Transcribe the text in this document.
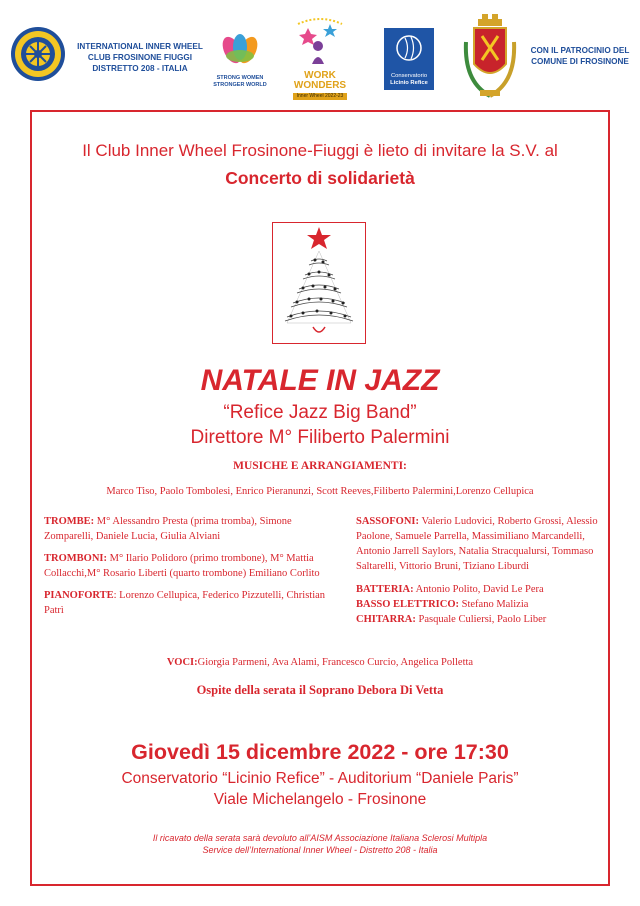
INTERNATIONAL INNER WHEEL
CLUB FROSINONE FIUGGI
DISTRETTO 208 - ITALIA
STRONG WOMEN
STRONGER WORLD
WORK
WONDERS
Inner Wheel 2022-23
Conservatorio
Licinio Refice
CON IL PATROCINIO DEL
COMUNE DI FROSINONE
Il Club Inner Wheel Frosinone-Fiuggi è lieto di invitare la S.V. al
Concerto di solidarietà
NATALE IN JAZZ
“Refice Jazz Big Band”
Direttore M° Filiberto Palermini
MUSICHE E ARRANGIAMENTI:
Marco Tiso, Paolo Tombolesi, Enrico Pieranunzi, Scott Reeves,Filiberto Palermini,Lorenzo Cellupica

TROMBE: M° Alessandro Presta (prima tromba), Simone Zomparelli, Daniele Lucia, Giulia Alviani

TROMBONI: M° Ilario Polidoro (primo trombone), M° Mattia Collacchi,M° Rosario Liberti (quarto trombone) Emiliano Corlito

PIANOFORTE: Lorenzo Cellupica, Federico Pizzutelli, Christian Patrì

SASSOFONI: Valerio Ludovici, Roberto Grossi, Alessio Paolone, Samuele Parrella, Massimiliano Marcandelli, Antonio Jarrell Saylors, Natalia Stracqualursi, Tommaso Saltarelli, Vittorio Bruni, Tiziano Liburdi

BATTERIA: Antonio Polito, David Le Pera

BASSO ELETTRICO: Stefano Malizia

CHITARRA: Pasquale Culiersi, Paolo Liber

VOCI:Giorgia Parmeni, Ava Alami, Francesco Curcio, Angelica Polletta
Ospite della serata il Soprano Debora Di Vetta
Giovedì 15 dicembre 2022 - ore 17:30
Conservatorio “Licinio Refice” - Auditorium “Daniele Paris”
Viale Michelangelo - Frosinone
Il ricavato della serata sarà devoluto all’AISM Associazione Italiana Sclerosi Multipla
Service dell’International Inner Wheel - Distretto 208 - Italia
